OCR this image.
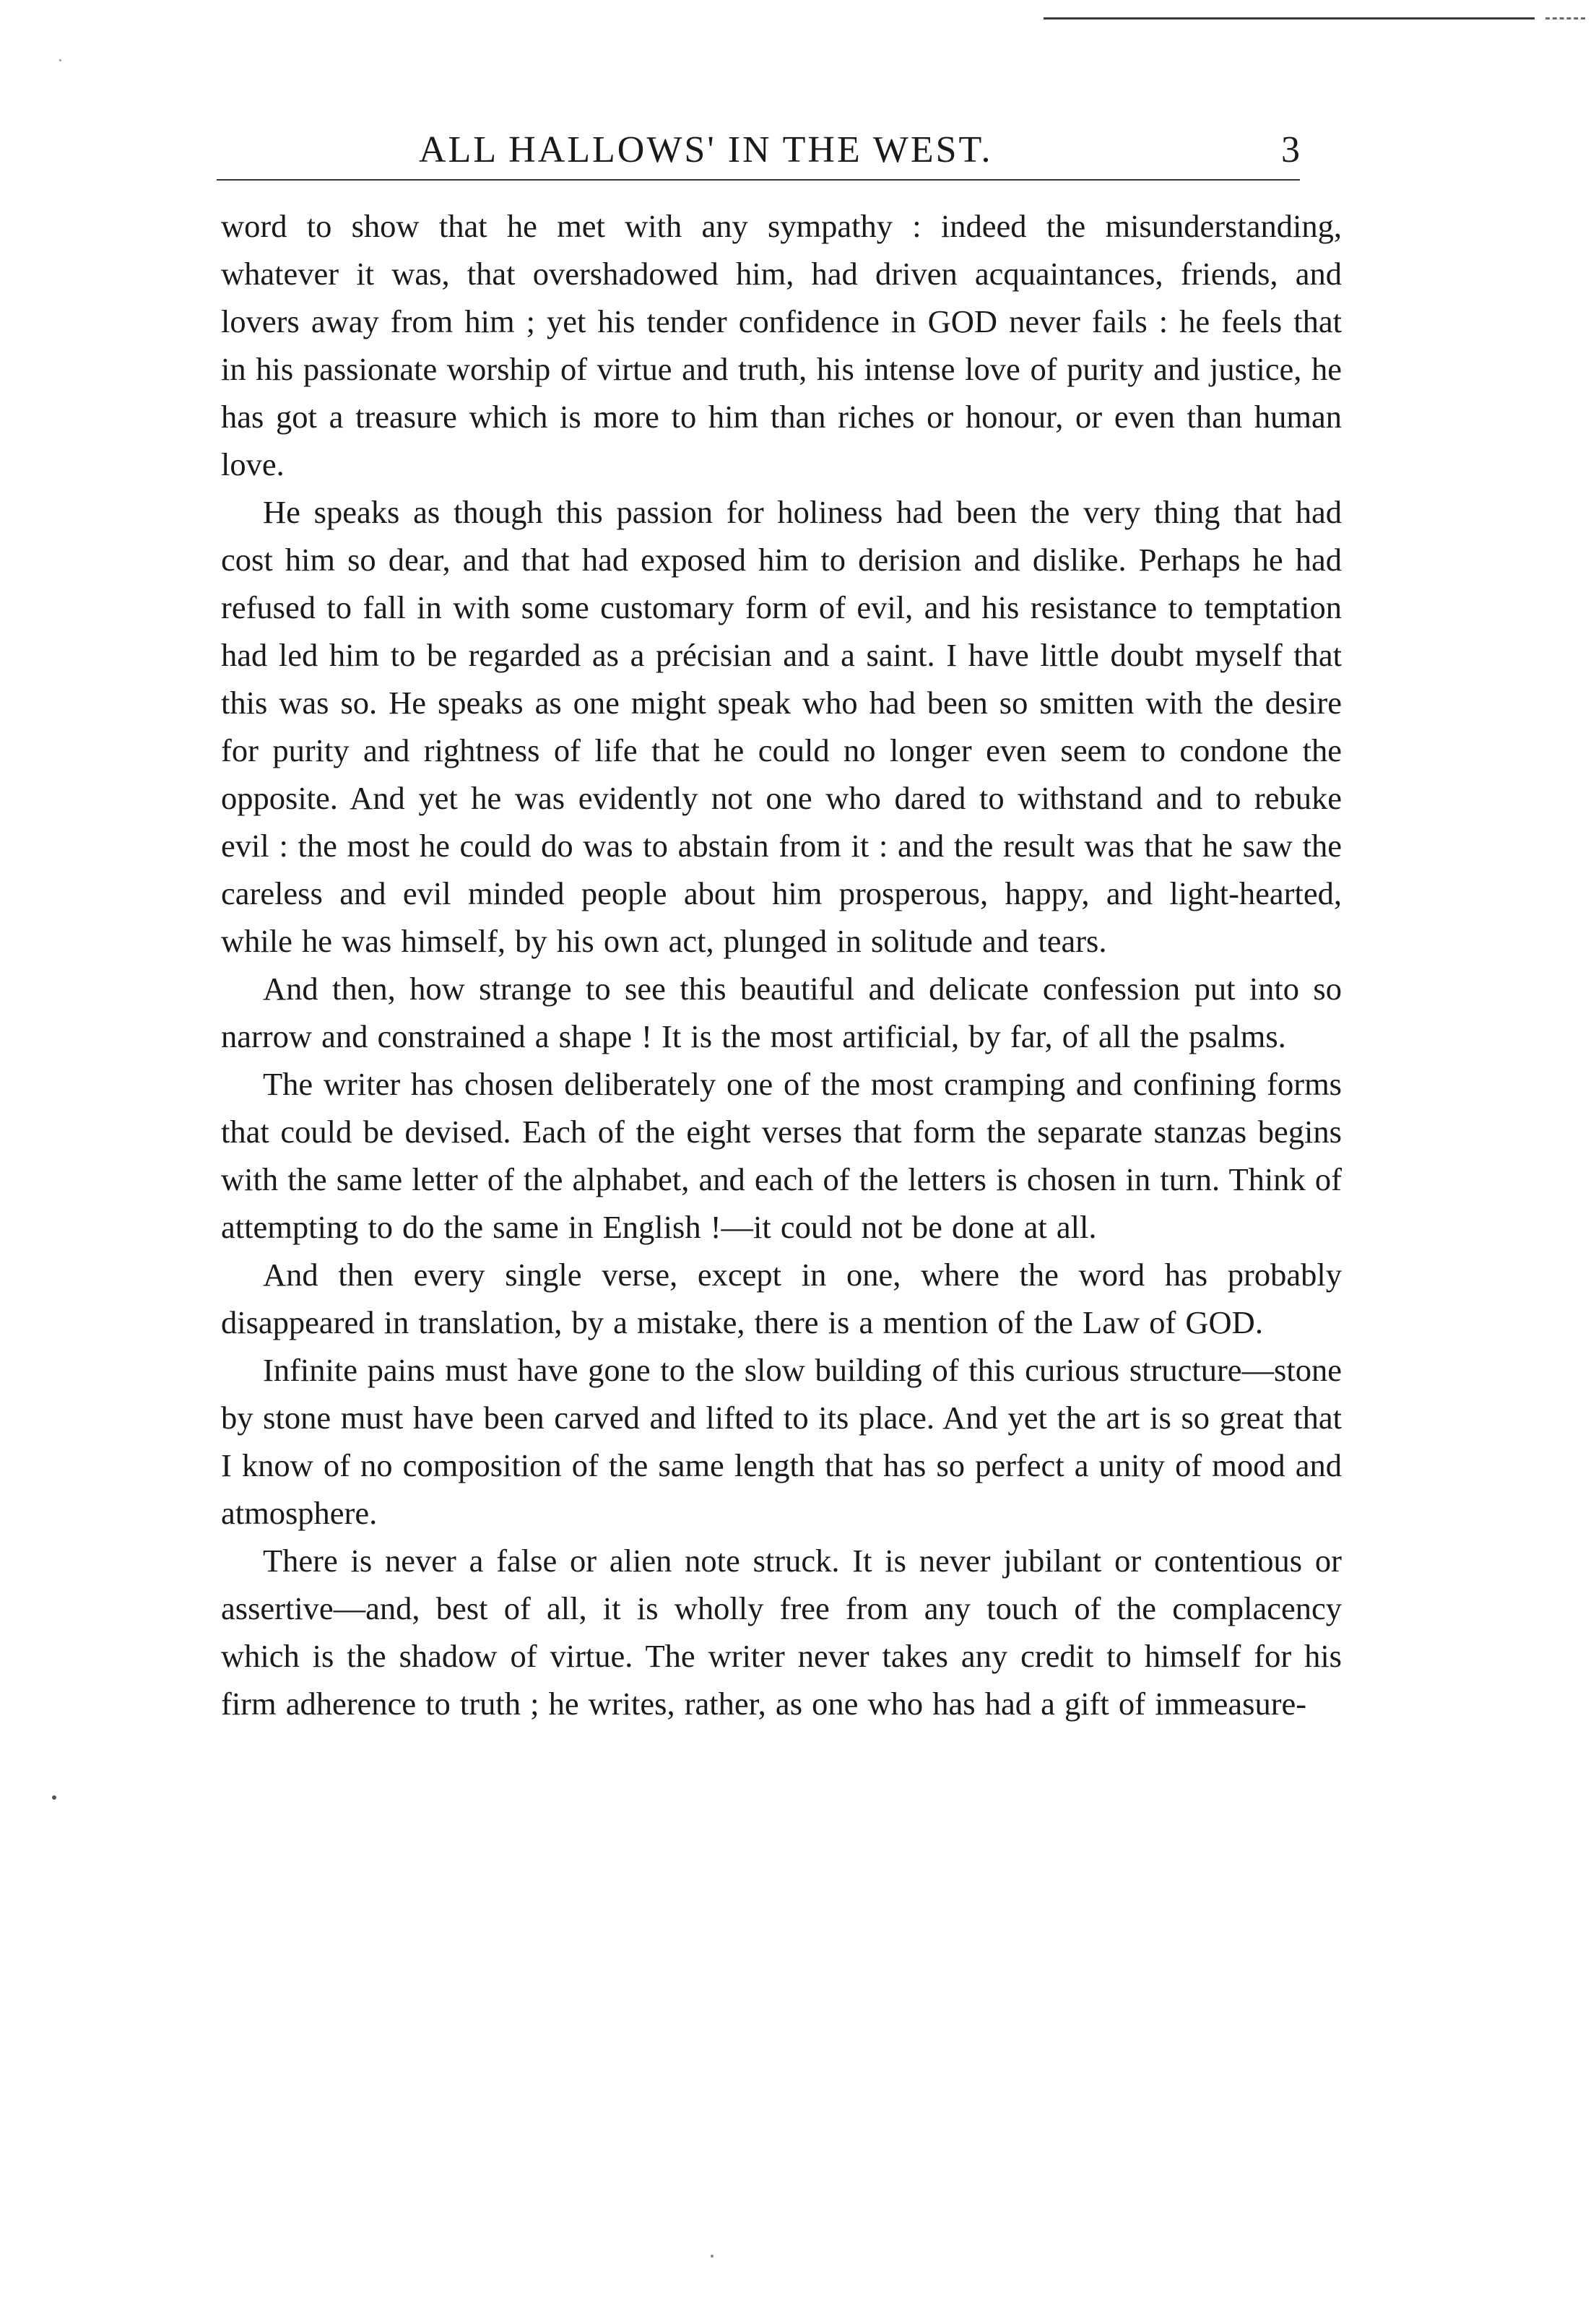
ALL HALLOWS' IN THE WEST.	3

word to show that he met with any sympathy : indeed the misunderstanding, whatever it was, that overshadowed him, had driven acquaintances, friends, and lovers away from him ; yet his tender confidence in GOD never fails : he feels that in his passionate worship of virtue and truth, his intense love of purity and justice, he has got a treasure which is more to him than riches or honour, or even than human love.

He speaks as though this passion for holiness had been the very thing that had cost him so dear, and that had exposed him to derision and dislike. Perhaps he had refused to fall in with some customary form of evil, and his resistance to temptation had led him to be regarded as a précisian and a saint. I have little doubt myself that this was so. He speaks as one might speak who had been so smitten with the desire for purity and rightness of life that he could no longer even seem to condone the opposite. And yet he was evidently not one who dared to withstand and to rebuke evil : the most he could do was to abstain from it : and the result was that he saw the careless and evil minded people about him prosperous, happy, and light-hearted, while he was himself, by his own act, plunged in solitude and tears.

And then, how strange to see this beautiful and delicate confession put into so narrow and constrained a shape ! It is the most artificial, by far, of all the psalms.

The writer has chosen deliberately one of the most cramping and confining forms that could be devised. Each of the eight verses that form the separate stanzas begins with the same letter of the alphabet, and each of the letters is chosen in turn. Think of attempting to do the same in English !—it could not be done at all.

And then every single verse, except in one, where the word has probably disappeared in translation, by a mistake, there is a mention of the Law of GOD.

Infinite pains must have gone to the slow building of this curious structure—stone by stone must have been carved and lifted to its place. And yet the art is so great that I know of no composition of the same length that has so perfect a unity of mood and atmosphere.

There is never a false or alien note struck. It is never jubilant or contentious or assertive—and, best of all, it is wholly free from any touch of the complacency which is the shadow of virtue. The writer never takes any credit to himself for his firm adherence to truth ; he writes, rather, as one who has had a gift of immeasure-
